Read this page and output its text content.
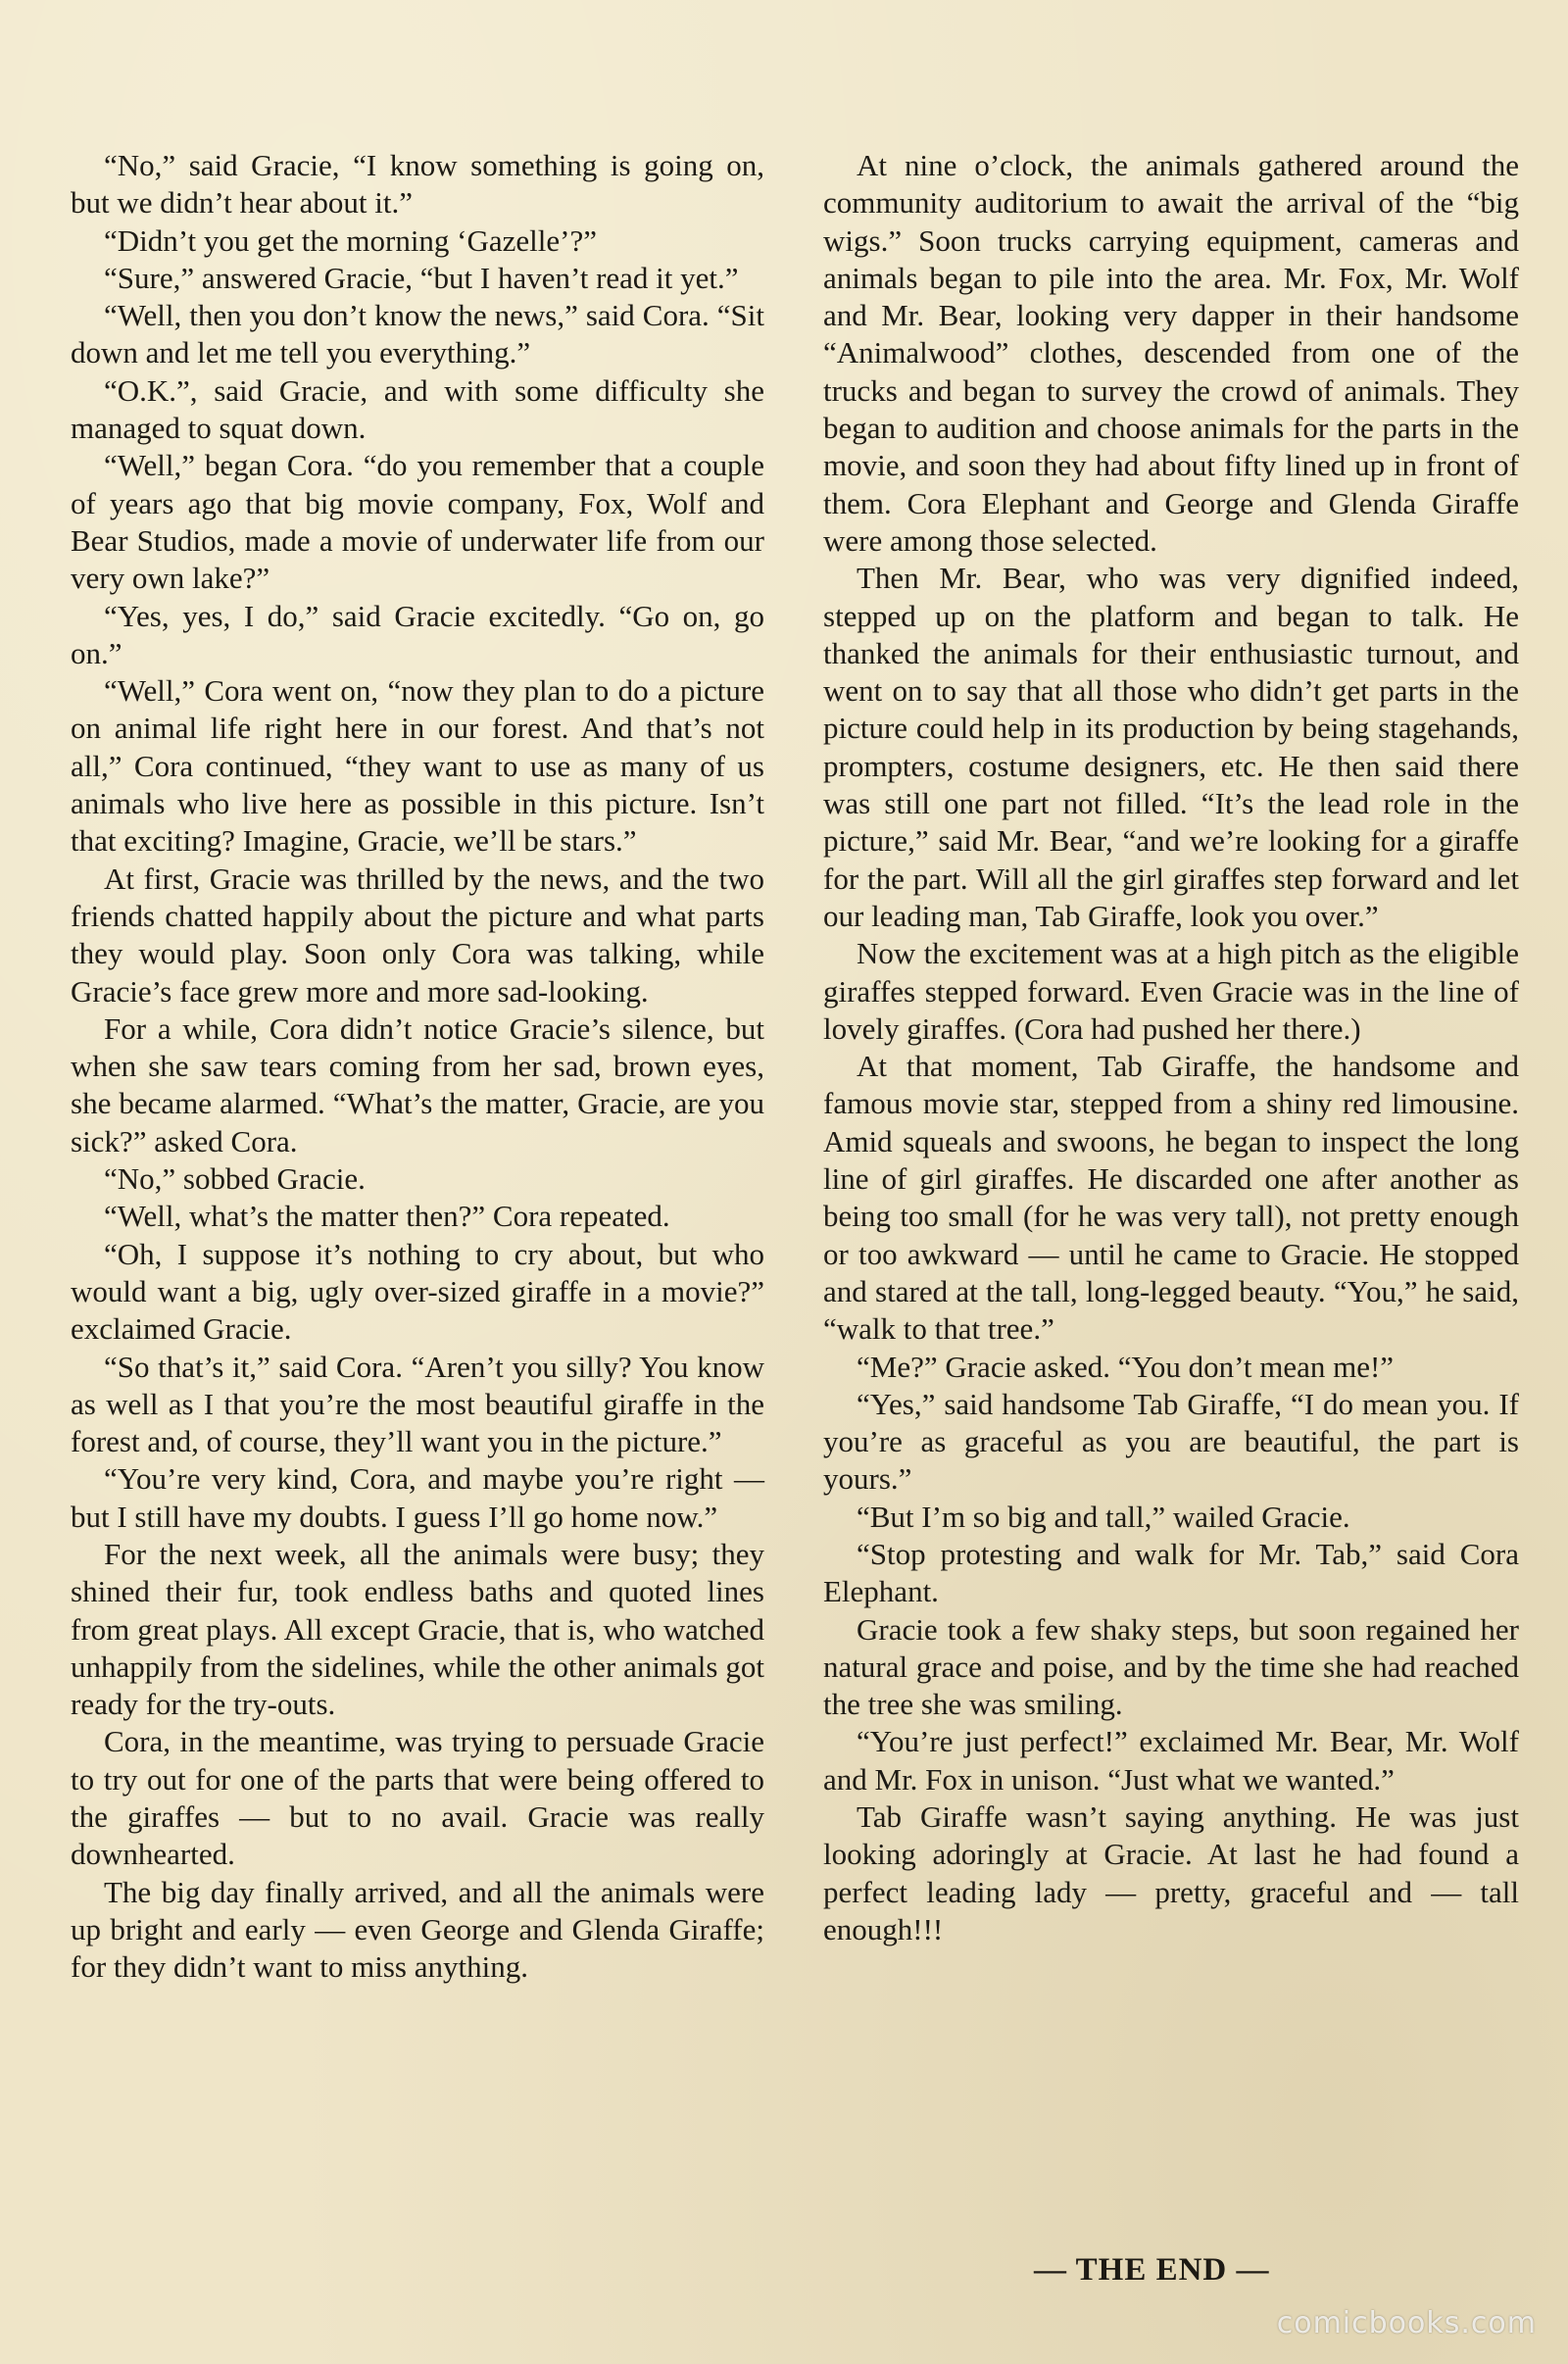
“No,” said Gracie, “I know something is going on, but we didn’t hear about it.”

“Didn’t you get the morning ‘Gazelle’?”

“Sure,” answered Gracie, “but I haven’t read it yet.”

“Well, then you don’t know the news,” said Cora. “Sit down and let me tell you everything.”

“O.K.”, said Gracie, and with some difficulty she managed to squat down.

“Well,” began Cora. “do you remember that a couple of years ago that big movie company, Fox, Wolf and Bear Studios, made a movie of underwater life from our very own lake?”

“Yes, yes, I do,” said Gracie excitedly. “Go on, go on.”

“Well,” Cora went on, “now they plan to do a picture on animal life right here in our forest. And that’s not all,” Cora continued, “they want to use as many of us animals who live here as possible in this picture. Isn’t that exciting? Imagine, Gracie, we’ll be stars.”

At first, Gracie was thrilled by the news, and the two friends chatted happily about the picture and what parts they would play. Soon only Cora was talking, while Gracie’s face grew more and more sad-looking.

For a while, Cora didn’t notice Gracie’s silence, but when she saw tears coming from her sad, brown eyes, she became alarmed. “What’s the matter, Gracie, are you sick?” asked Cora.

“No,” sobbed Gracie.

“Well, what’s the matter then?” Cora repeated.

“Oh, I suppose it’s nothing to cry about, but who would want a big, ugly over-sized giraffe in a movie?” exclaimed Gracie.

“So that’s it,” said Cora. “Aren’t you silly? You know as well as I that you’re the most beautiful giraffe in the forest and, of course, they’ll want you in the picture.”

“You’re very kind, Cora, and maybe you’re right — but I still have my doubts. I guess I’ll go home now.”

For the next week, all the animals were busy; they shined their fur, took endless baths and quoted lines from great plays. All except Gracie, that is, who watched unhappily from the sidelines, while the other animals got ready for the try-outs.

Cora, in the meantime, was trying to persuade Gracie to try out for one of the parts that were being offered to the giraffes — but to no avail. Gracie was really downhearted.

The big day finally arrived, and all the animals were up bright and early — even George and Glenda Giraffe; for they didn’t want to miss anything.

At nine o’clock, the animals gathered around the community auditorium to await the arrival of the “big wigs.” Soon trucks carrying equipment, cameras and animals began to pile into the area. Mr. Fox, Mr. Wolf and Mr. Bear, looking very dapper in their handsome “Animalwood” clothes, descended from one of the trucks and began to survey the crowd of animals. They began to audition and choose animals for the parts in the movie, and soon they had about fifty lined up in front of them. Cora Elephant and George and Glenda Giraffe were among those selected.

Then Mr. Bear, who was very dignified indeed, stepped up on the platform and began to talk. He thanked the animals for their enthusiastic turnout, and went on to say that all those who didn’t get parts in the picture could help in its production by being stagehands, prompters, costume designers, etc. He then said there was still one part not filled. “It’s the lead role in the picture,” said Mr. Bear, “and we’re looking for a giraffe for the part. Will all the girl giraffes step forward and let our leading man, Tab Giraffe, look you over.”

Now the excitement was at a high pitch as the eligible giraffes stepped forward. Even Gracie was in the line of lovely giraffes. (Cora had pushed her there.)

At that moment, Tab Giraffe, the handsome and famous movie star, stepped from a shiny red limousine. Amid squeals and swoons, he began to inspect the long line of girl giraffes. He discarded one after another as being too small (for he was very tall), not pretty enough or too awkward — until he came to Gracie. He stopped and stared at the tall, long-legged beauty. “You,” he said, “walk to that tree.”

“Me?” Gracie asked. “You don’t mean me!”

“Yes,” said handsome Tab Giraffe, “I do mean you. If you’re as graceful as you are beautiful, the part is yours.”

“But I’m so big and tall,” wailed Gracie.

“Stop protesting and walk for Mr. Tab,” said Cora Elephant.

Gracie took a few shaky steps, but soon regained her natural grace and poise, and by the time she had reached the tree she was smiling.

“You’re just perfect!” exclaimed Mr. Bear, Mr. Wolf and Mr. Fox in unison. “Just what we wanted.”

Tab Giraffe wasn’t saying anything. He was just looking adoringly at Gracie. At last he had found a perfect leading lady — pretty, graceful and — tall enough!!!

— THE END —
comicbooks.com
